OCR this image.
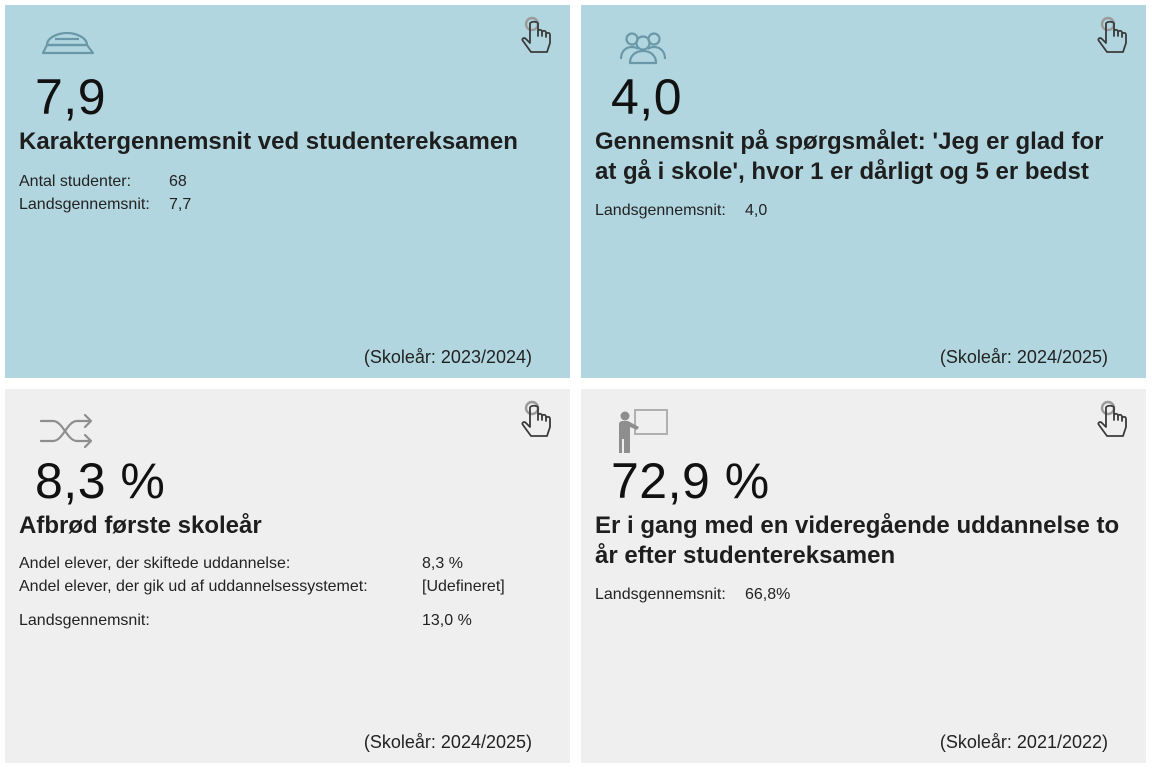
7,9
Karaktergennemsnit ved studentereksamen
Antal studenter: 68
Landsgennemsnit: 7,7
(Skoleår: 2023/2024)
4,0
Gennemsnit på spørgsmålet: 'Jeg er glad for at gå i skole', hvor 1 er dårligt og 5 er bedst
Landsgennemsnit: 4,0
(Skoleår: 2024/2025)
8,3 %
Afbrød første skoleår
Andel elever, der skiftede uddannelse:	8,3 %
Andel elever, der gik ud af uddannelsessystemet:	[Udefineret]
Landsgennemsnit:	13,0 %
(Skoleår: 2024/2025)
72,9 %
Er i gang med en videregående uddannelse to år efter studentereksamen
Landsgennemsnit: 66,8%
(Skoleår: 2021/2022)
